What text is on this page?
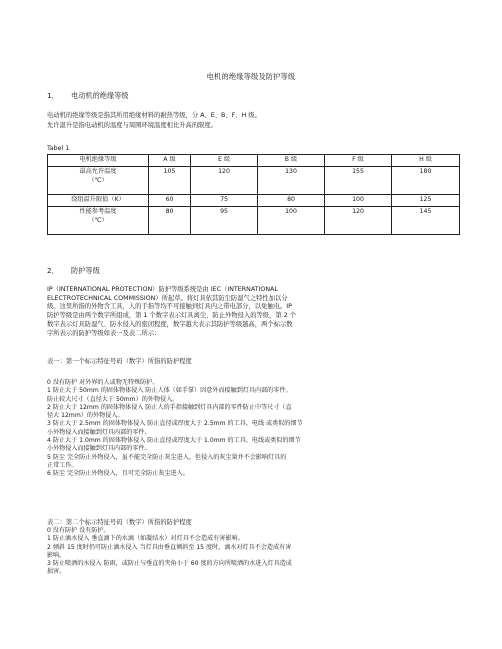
电机的绝缘等级及防护等级
1． 电动机的绝缘等级
电动机的绝缘等级是指其所用绝缘材料的耐热等级，分 A、E、B、F、H 级。
允许温升是指电动机的温度与周围环境温度相比升高的限度。
Tabel 1
电机绝缘等级	A 级	E 级	B 级	F 级	H 级

最高允许温度
（℃）	105	120	130	155	180
绕组温升限值（K）	60	75	80	100	125

性能参考温度
（℃）	80	95	100	120	145
2． 防护等级
IP（INTERNATIONAL PROTECTION）防护等级系统是由 IEC（INTERNATIONAL
ELECTROTECHNICAL COMMISSION）所起草。将灯具依其防尘防湿气之特性加以分
级。这里所指的外物含工具，人的手指等均不可接触到灯具内之带电部分，以免触电。IP
防护等级是由两个数字所组成，第 1 个数字表示灯具离尘、防止外物侵入的等级，第 2 个
数字表示灯具防湿气、防水侵入的密闭程度，数字越大表示其防护等级越高，两个标示数
字所表示的防护等级如表一及表二所示：
表一：第一个标示特征号码（数字）所指的防护程度
0 没有防护 对外界的人或物无特殊防护。
1 防止大于 50mm 的固体物体侵入 防止人体（如手掌）因意外而接触到灯具内部的零件。
防止较大尺寸（直径大于 50mm）的外物侵入。
2 防止大于 12mm 的固体物体侵入 防止人的手指接触到灯具内部的零件防止中等尺寸（直
径大 12mm）的外物侵入。
3 防止大于 2.5mm 的固体物体侵入 防止直径或厚度大于 2.5mm 的工具、电线 或类似的细节
小外物侵入而接触到灯具内部的零件。
4 防止大于 1.0mm 的固体物体侵入 防止直径或厚度大于 1.0mm 的工具、电线或类似的细节
小外物侵入而接触到灯具内部的零件。
5 防尘 完全防止外物侵入，虽不能完全防止灰尘进入，但侵入的灰尘量并不会影响灯具的
正常工作。
6 防尘 完全防止外物侵入，且可完全防止灰尘进入。
表二：第二个标示特征号码（数字）所指的防护程度
0 没有防护 没有防护。
1 防止滴水侵入 垂直滴下的水滴（如凝结水）对灯具不会造成有害影响。
2 倾斜 15 度时仍可防止滴水侵入 当灯具由垂直倾斜至 15 度时，滴水对灯具不会造成有害
影响。
3 防止喷洒的水侵入 防雨，或防止与垂直的夹角小于 60 度的方向所喷洒的水进入灯具造成
损害。
